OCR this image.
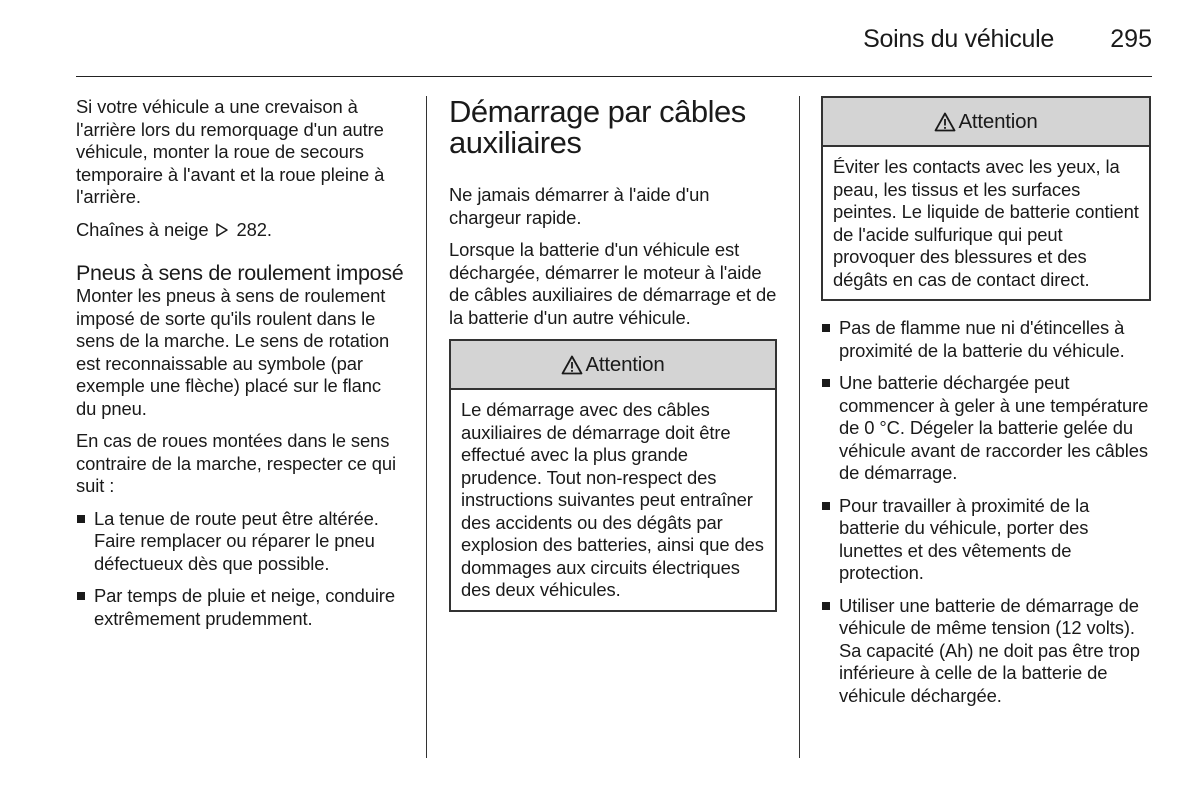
Soins du véhicule 295

Si votre véhicule a une crevaison à l'arrière lors du remorquage d'un autre véhicule, monter la roue de secours temporaire à l'avant et la roue pleine à l'arrière.

Chaînes à neige 282.

Pneus à sens de roulement imposé

Monter les pneus à sens de roulement imposé de sorte qu'ils roulent dans le sens de la marche. Le sens de rotation est reconnaissable au symbole (par exemple une flèche) placé sur le flanc du pneu.

En cas de roues montées dans le sens contraire de la marche, respecter ce qui suit :

La tenue de route peut être altérée. Faire remplacer ou réparer le pneu défectueux dès que possible.
Par temps de pluie et neige, conduire extrêmement prudemment.
Démarrage par câbles auxiliaires

Ne jamais démarrer à l'aide d'un chargeur rapide.

Lorsque la batterie d'un véhicule est déchargée, démarrer le moteur à l'aide de câbles auxiliaires de démarrage et de la batterie d'un autre véhicule.

Attention
Le démarrage avec des câbles auxiliaires de démarrage doit être effectué avec la plus grande prudence. Tout non-respect des instructions suivantes peut entraîner des accidents ou des dégâts par explosion des batteries, ainsi que des dommages aux circuits électriques des deux véhicules.
Attention
Éviter les contacts avec les yeux, la peau, les tissus et les surfaces peintes. Le liquide de batterie contient de l'acide sulfurique qui peut provoquer des blessures et des dégâts en cas de contact direct.
Pas de flamme nue ni d'étincelles à proximité de la batterie du véhicule.
Une batterie déchargée peut commencer à geler à une température de 0 °C. Dégeler la batterie gelée du véhicule avant de raccorder les câbles de démarrage.
Pour travailler à proximité de la batterie du véhicule, porter des lunettes et des vêtements de protection.
Utiliser une batterie de démarrage de véhicule de même tension (12 volts). Sa capacité (Ah) ne doit pas être trop inférieure à celle de la batterie de véhicule déchargée.
